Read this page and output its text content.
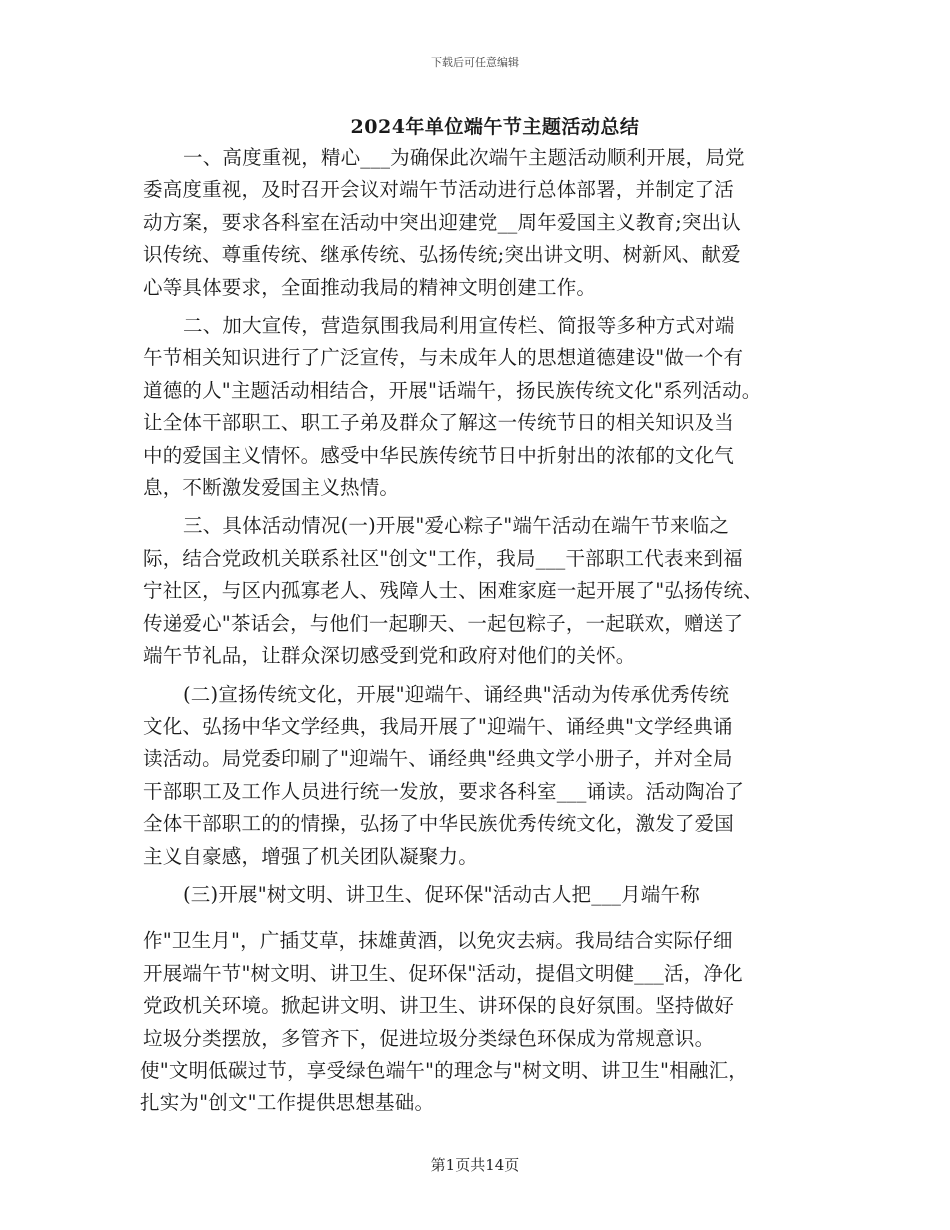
下载后可任意编辑
2024年单位端午节主题活动总结
一、高度重视，精心___为确保此次端午主题活动顺利开展，局党
委高度重视，及时召开会议对端午节活动进行总体部署，并制定了活
动方案，要求各科室在活动中突出迎建党__周年爱国主义教育;突出认
识传统、尊重传统、继承传统、弘扬传统;突出讲文明、树新风、献爱
心等具体要求，全面推动我局的精神文明创建工作。
二、加大宣传，营造氛围我局利用宣传栏、简报等多种方式对端
午节相关知识进行了广泛宣传，与未成年人的思想道德建设"做一个有
道德的人"主题活动相结合，开展"话端午，扬民族传统文化"系列活动。
让全体干部职工、职工子弟及群众了解这一传统节日的相关知识及当
中的爱国主义情怀。感受中华民族传统节日中折射出的浓郁的文化气
息，不断激发爱国主义热情。
三、具体活动情况(一)开展"爱心粽子"端午活动在端午节来临之
际，结合党政机关联系社区"创文"工作，我局___干部职工代表来到福
宁社区，与区内孤寡老人、残障人士、困难家庭一起开展了"弘扬传统、
传递爱心"茶话会，与他们一起聊天、一起包粽子，一起联欢，赠送了
端午节礼品，让群众深切感受到党和政府对他们的关怀。
(二)宣扬传统文化，开展"迎端午、诵经典"活动为传承优秀传统
文化、弘扬中华文学经典，我局开展了"迎端午、诵经典"文学经典诵
读活动。局党委印刷了"迎端午、诵经典"经典文学小册子，并对全局
干部职工及工作人员进行统一发放，要求各科室___诵读。活动陶冶了
全体干部职工的的情操，弘扬了中华民族优秀传统文化，激发了爱国
主义自豪感，增强了机关团队凝聚力。
(三)开展"树文明、讲卫生、促环保"活动古人把___月端午称
作"卫生月"，广插艾草，抹雄黄酒，以免灾去病。我局结合实际仔细
开展端午节"树文明、讲卫生、促环保"活动，提倡文明健___活，净化
党政机关环境。掀起讲文明、讲卫生、讲环保的良好氛围。坚持做好
垃圾分类摆放，多管齐下，促进垃圾分类绿色环保成为常规意识。
使"文明低碳过节，享受绿色端午"的理念与"树文明、讲卫生"相融汇，
扎实为"创文"工作提供思想基础。
第1页共14页
